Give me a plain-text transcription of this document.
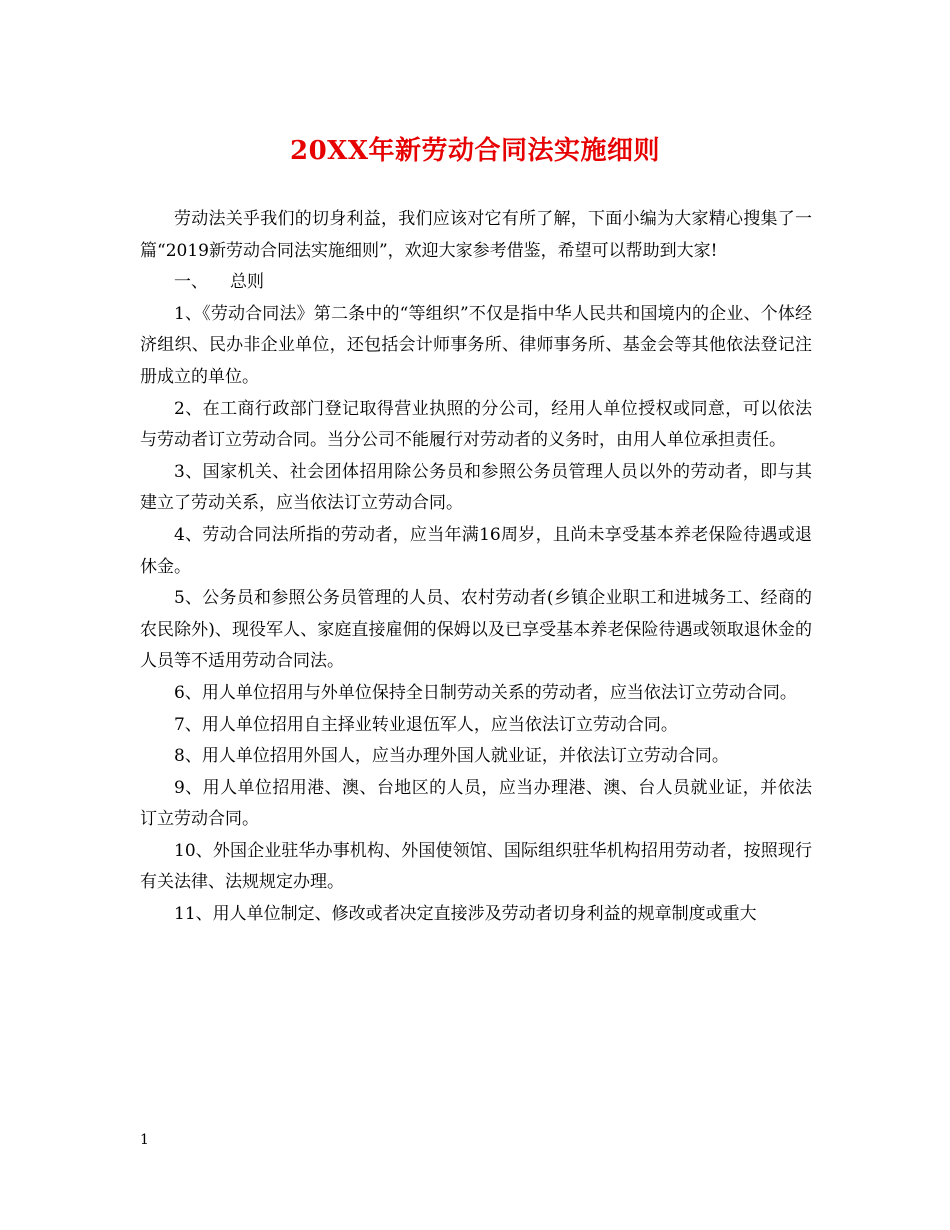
20XX年新劳动合同法实施细则

劳动法关乎我们的切身利益，我们应该对它有所了解，下面小编为大家精心搜集了一篇“2019新劳动合同法实施细则”，欢迎大家参考借鉴，希望可以帮助到大家!

一、 总则

1、《劳动合同法》第二条中的“等组织”不仅是指中华人民共和国境内的企业、个体经济组织、民办非企业单位，还包括会计师事务所、律师事务所、基金会等其他依法登记注册成立的单位。

2、在工商行政部门登记取得营业执照的分公司，经用人单位授权或同意，可以依法与劳动者订立劳动合同。当分公司不能履行对劳动者的义务时，由用人单位承担责任。

3、国家机关、社会团体招用除公务员和参照公务员管理人员以外的劳动者，即与其建立了劳动关系，应当依法订立劳动合同。

4、劳动合同法所指的劳动者，应当年满16周岁，且尚未享受基本养老保险待遇或退休金。

5、公务员和参照公务员管理的人员、农村劳动者(乡镇企业职工和进城务工、经商的农民除外)、现役军人、家庭直接雇佣的保姆以及已享受基本养老保险待遇或领取退休金的人员等不适用劳动合同法。

6、用人单位招用与外单位保持全日制劳动关系的劳动者，应当依法订立劳动合同。

7、用人单位招用自主择业转业退伍军人，应当依法订立劳动合同。

8、用人单位招用外国人，应当办理外国人就业证，并依法订立劳动合同。

9、用人单位招用港、澳、台地区的人员，应当办理港、澳、台人员就业证，并依法订立劳动合同。

10、外国企业驻华办事机构、外国使领馆、国际组织驻华机构招用劳动者，按照现行有关法律、法规规定办理。

11、用人单位制定、修改或者决定直接涉及劳动者切身利益的规章制度或重大

1
